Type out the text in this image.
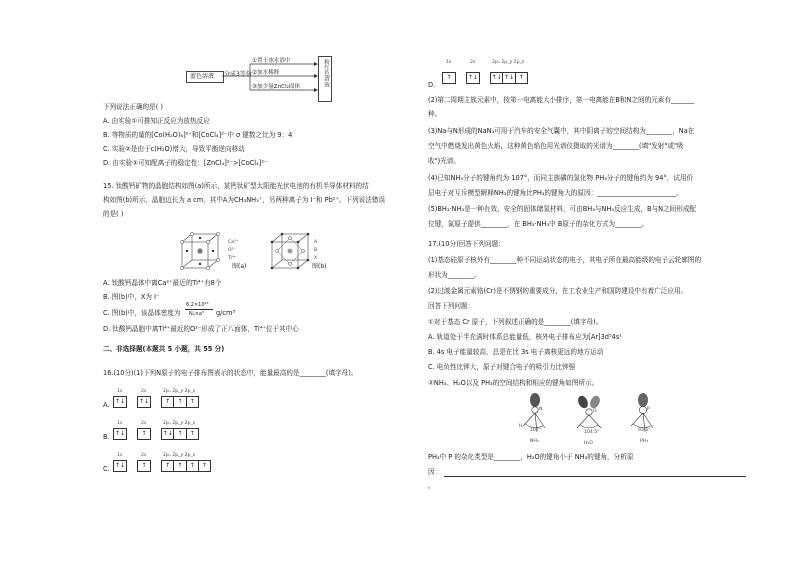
蓝色溶液 分成3等份
①置于冰水浴中
②加水稀释
③加少量ZnCl₂固体	粉红色溶液
下列说法正确的是( )
A. 由实验①可推知正反应为放热反应
B. 等物质的量的[Co(H₂O)₆]²⁺和[CoCl₄]²⁻中 σ 键数之比为 9：4
C. 实验②是由于c(H₂O)增大，导致平衡逆向移动
D. 由实验③可知配离子的稳定性：[ZnCl₄]²⁻>[CoCl₄]²⁻
15. 钛酸钙矿物的晶胞结构如图(a)所示，某钙钛矿型太阳能光伏电池的有机半导体材料的结
构如图(b)所示，晶胞边长为 a cm，其中A为CH₃NH₃⁺，另两种离子为 I⁻和 Pb²⁺。下列说法错误
的是( )
Ca²⁺
O²⁻
Ti⁴⁺
图(a)
A
B
X
图(b)
A. 钛酸钙晶体中离Ca²⁺最近的Ti⁴⁺有8个
B. 图(b)中，X为 I⁻
C. 图(b)中，该晶体密度为
6.2×10²³
Nₐ×a³ g/cm³
D. 钛酸钙晶胞中离Ti⁴⁺最近的O²⁻形成了正八面体，Ti⁴⁺位于其中心
二、非选择题(本题共 5 小题，共 55 分)
16.(10分)(1)下列N原子的电子排布图表示的状态中，能量最高的是________(填字母)。
1s	2s	2pₓ 2p_y 2p_z
A. ↑↓ ↑↓	↑	↑	↑
1s	2s	2pₓ 2p_y 2p_z
B. ↑↓	↑	↑↓ ↑	↑
1s	2s	2pₓ 2p_y 2p_z
C. ↑↓	↑	↑	↑	↑	↑
1s	2s	2pₓ 2p_y 2p_z
D.
↑	↑↓ ↑↓ ↑↓ ↑
(2)第二周期主族元素中，按第一电离能大小排序，第一电离能在B和N之间的元素有_______
种。
(3)Na与N形成的NaN₃可用于汽车的安全气囊中，其中阴离子的空间结构为________，Na在
空气中燃烧发出黄色火焰，这种黄色焰色用光谱仪摄取的光谱为________(填"发射"或"吸
收")光谱。
(4)已知NH₃分子的键角约为 107°，而同主族磷的氢化物 PH₃分子的键角约为 94°，试用价
层电子对互斥模型解释NH₃的键角比PH₃的键角大的原因：________________________。
(5)BH₃·NH₃是一种有效、安全的固体储氢材料，可由BH₃与NH₃反应生成，B与N之间形成配
位键，氮原子提供________，在 BH₃·NH₃中 B原子的杂化方式为________。
17.(10分)回答下列问题：
(1)基态硅原子核外有________种不同运动状态的电子，其电子所在最高能级的电子云轮廓图的
形状为________。
(2)过渡金属元素铬(Cr)是不锈钢的重要成分，在工农业生产和国防建设中有着广泛应用。
回答下列问题：
①对于基态 Cr 原子，下列叙述正确的是________(填字母)。
A. 轨道处于半充满时体系总能量低，核外电子排布应为[Ar]3d⁵4s¹
B. 4s 电子能量较高，总是在比 3s 电子离核更远的地方运动
C. 电负性比钾大，原子对键合电子的吸引力比钾强
②NH₃、H₂O以及 PH₃的空间结构和相应的键角如图所示。
N	O	P
H
107°	104.5°	93.6°
NH₃	H₂O	PH₃
PH₃中 P 的杂化类型是________，H₂O的键角小于 NH₃的键角，分析原
因：
。
